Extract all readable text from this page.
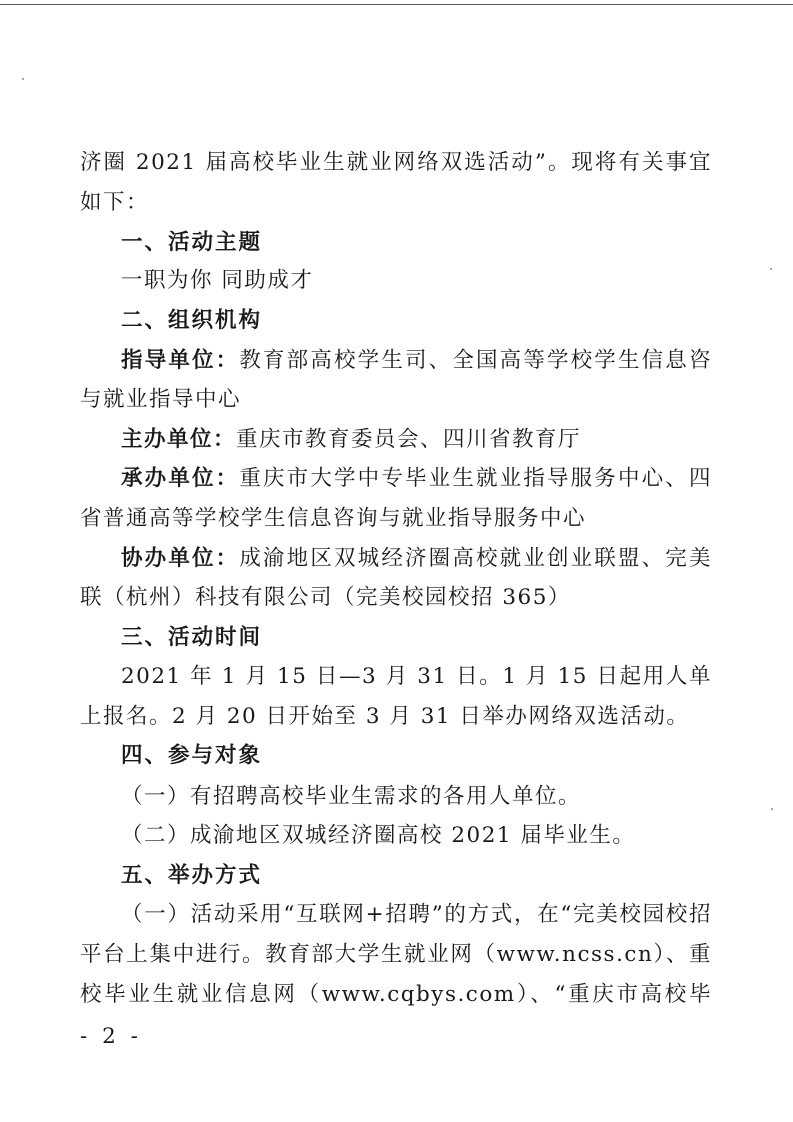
济圈 2021 届高校毕业生就业网络双选活动”。现将有关事宜
如下：
一、活动主题
一职为你 同助成才
二、组织机构
指导单位：教育部高校学生司、全国高等学校学生信息咨
与就业指导中心
主办单位：重庆市教育委员会、四川省教育厅
承办单位：重庆市大学中专毕业生就业指导服务中心、四
省普通高等学校学生信息咨询与就业指导服务中心
协办单位：成渝地区双城经济圈高校就业创业联盟、完美
联（杭州）科技有限公司（完美校园校招 365）
三、活动时间
2021 年 1 月 15 日—3 月 31 日。1 月 15 日起用人单
上报名。2 月 20 日开始至 3 月 31 日举办网络双选活动。
四、参与对象
（一）有招聘高校毕业生需求的各用人单位。
（二）成渝地区双城经济圈高校 2021 届毕业生。
五、举办方式
（一）活动采用“互联网+招聘”的方式，在“完美校园校招
平台上集中进行。教育部大学生就业网（www.ncss.cn）、重
校毕业生就业信息网（www.cqbys.com）、“重庆市高校毕
- 2 -
